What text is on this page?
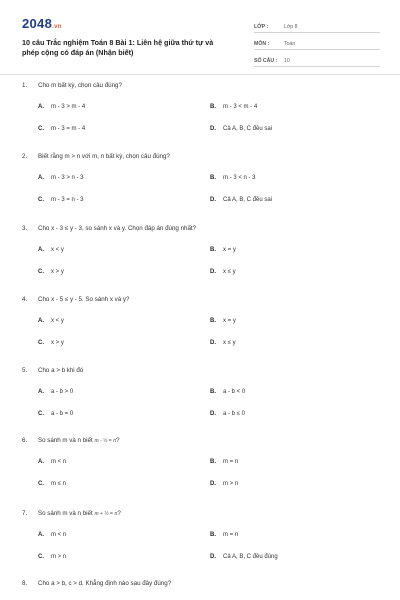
2048.vn
10 câu Trắc nghiệm Toán 8 Bài 1: Liên hệ giữa thứ tự và phép cộng có đáp án (Nhận biết)
LỚP :	Lớp 8
MÔN :	Toán
SỐ CÂU : 10
1. Cho m bất kỳ, chọn câu đúng?
A. m - 3 > m - 4	B. m - 3 < m - 4
C. m - 3 = m - 4	D. Cả A, B, C đều sai
2. Biết rằng m > n với m, n bất kỳ, chọn câu đúng?
A. m - 3 > n - 3	B. m - 3 < n - 3
C. m - 3 = n - 3	D. Cả A, B, C đều sai
3. Cho x - 3 ≤ y - 3, so sánh x và y. Chọn đáp án đúng nhất?
A. x < y	B. x = y
C. x > y	D. x ≤ y
4. Cho x - 5 ≤ y - 5. So sánh x và y?
A. x < y	B. x = y
C. x > y	D. x ≤ y
5. Cho a > b khi đó
A. a - b > 0	B. a - b < 0
C. a - b = 0	D. a - b ≤ 0
6. So sánh m và n biết m - ½ = n?
A. m < n	B. m = n
C. m ≤ n	D. m > n
7. So sánh m và n biết m + ½ = n?
A. m < n	B. m = n
C. m > n	D. Cả A, B, C đều đúng
8. Cho a > b, c > d. Khẳng định nào sau đây đúng?
